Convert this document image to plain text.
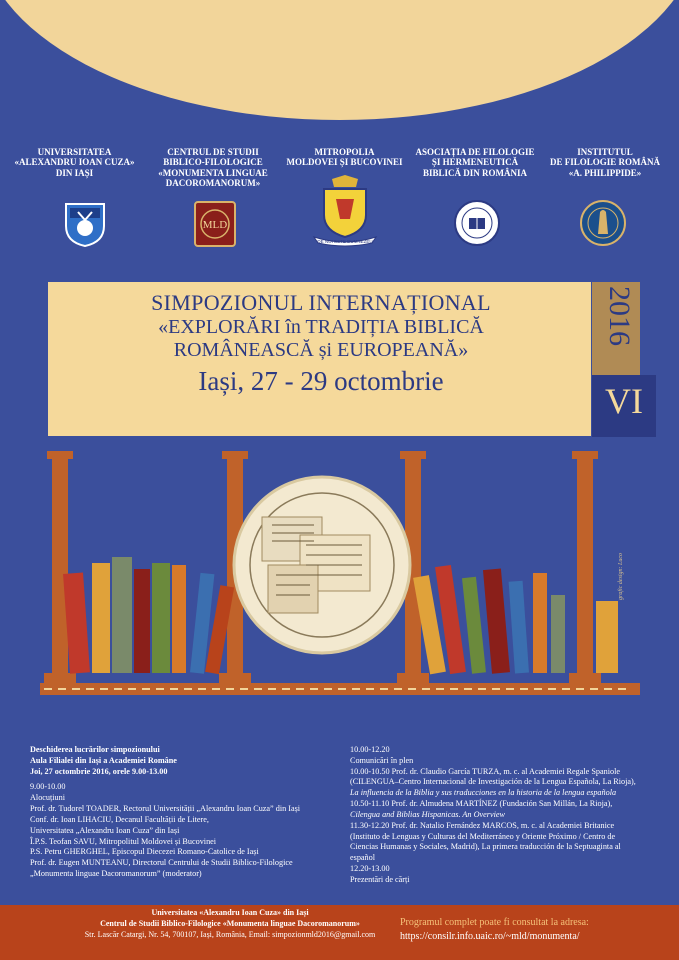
UNIVERSITATEA
«ALEXANDRU IOAN CUZA»
DIN IAȘI
CENTRUL DE STUDII
BIBLICO-FILOLOGICE
«MONUMENTA LINGUAE
DACOROMANORUM»
MITROPOLIA
MOLDOVEI ȘI BUCOVINEI
ASOCIAȚIA DE FILOLOGIE
ȘI HERMENEUTICĂ
BIBLICĂ DIN ROMÂNIA
INSTITUTUL
DE FILOLOGIE ROMÂNĂ
«A. PHILIPPIDE»
MLD
DE NOI ESTE DUMNEZEU
SIMPOZIONUL INTERNAȚIONAL
«EXPLORĂRI în TRADIȚIA BIBLICĂ
ROMÂNEASCĂ și EUROPEANĂ»
Iași, 27 - 29 octombrie
2016
VI
grafic design: Luco
Deschiderea lucrărilor simpozionului
Aula Filialei din Iași a Academiei Române
Joi, 27 octombrie 2016, orele 9.00-13.00
9.00-10.00
Alocuțiuni
Prof. dr. Tudorel TOADER, Rectorul Universității „Alexandru Ioan Cuza” din Iași
Conf. dr. Ioan LIHACIU, Decanul Facultății de Litere,
Universitatea „Alexandru Ioan Cuza” din Iași
Î.P.S. Teofan SAVU, Mitropolitul Moldovei și Bucovinei
P.S. Petru GHERGHEL, Episcopul Diecezei Romano-Catolice de Iași
Prof. dr. Eugen MUNTEANU, Directorul Centrului de Studii Biblico-Filologice
„Monumenta linguae Dacoromanorum” (moderator)
10.00-12.20
Comunicări în plen
10.00-10.50 Prof. dr. Claudio García TURZA, m. c. al Academiei Regale Spaniole
(CILENGUA–Centro Internacional de Investigación de la Lengua Española, La Rioja),
La influencia de la Biblia y sus traducciones en la historia de la lengua española
10.50-11.10 Prof. dr. Almudena MARTÍNEZ (Fundación San Millán, La Rioja),
Cilengua and Biblias Hispanicas. An Overview
11.30-12.20 Prof. dr. Natalio Fernández MARCOS, m. c. al Academiei Britanice
(Instituto de Lenguas y Culturas del Mediterráneo y Oriente Próximo / Centro de
Ciencias Humanas y Sociales, Madrid), La primera traducción de la Septuaginta al
español
12.20-13.00
Prezentări de cărți
Universitatea «Alexandru Ioan Cuza» din Iași
Centrul de Studii Biblico-Filologice «Monumenta linguae Dacoromanorum»
Str. Lascăr Catargi, Nr. 54, 700107, Iași, România, Email: simpozionmld2016@gmail.com
Programul complet poate fi consultat la adresa:
https://consilr.info.uaic.ro/~mld/monumenta/
